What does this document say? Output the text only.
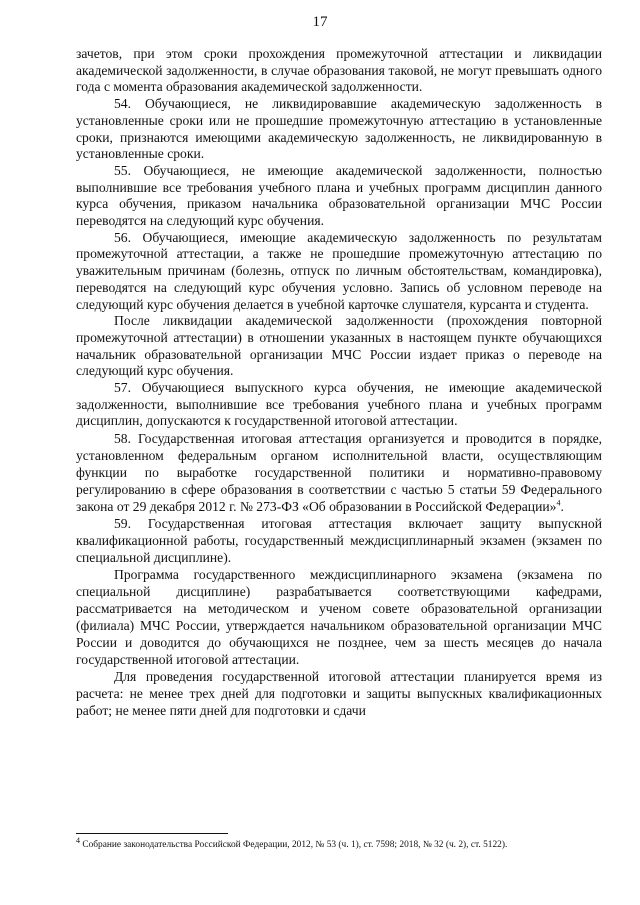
17

зачетов, при этом сроки прохождения промежуточной аттестации и ликвидации академической задолженности, в случае образования таковой, не могут превышать одного года с момента образования академической задолженности.

54. Обучающиеся, не ликвидировавшие академическую задолженность в установленные сроки или не прошедшие промежуточную аттестацию в установленные сроки, признаются имеющими академическую задолженность, не ликвидированную в установленные сроки.

55. Обучающиеся, не имеющие академической задолженности, полностью выполнившие все требования учебного плана и учебных программ дисциплин данного курса обучения, приказом начальника образовательной организации МЧС России переводятся на следующий курс обучения.

56. Обучающиеся, имеющие академическую задолженность по результатам промежуточной аттестации, а также не прошедшие промежуточную аттестацию по уважительным причинам (болезнь, отпуск по личным обстоятельствам, командировка), переводятся на следующий курс обучения условно. Запись об условном переводе на следующий курс обучения делается в учебной карточке слушателя, курсанта и студента.

После ликвидации академической задолженности (прохождения повторной промежуточной аттестации) в отношении указанных в настоящем пункте обучающихся начальник образовательной организации МЧС России издает приказ о переводе на следующий курс обучения.

57. Обучающиеся выпускного курса обучения, не имеющие академической задолженности, выполнившие все требования учебного плана и учебных программ дисциплин, допускаются к государственной итоговой аттестации.

58. Государственная итоговая аттестация организуется и проводится в порядке, установленном федеральным органом исполнительной власти, осуществляющим функции по выработке государственной политики и нормативно-правовому регулированию в сфере образования в соответствии с частью 5 статьи 59 Федерального закона от 29 декабря 2012 г. № 273-ФЗ «Об образовании в Российской Федерации»$^4$.

59. Государственная итоговая аттестация включает защиту выпускной квалификационной работы, государственный междисциплинарный экзамен (экзамен по специальной дисциплине).

Программа государственного междисциплинарного экзамена (экзамена по специальной дисциплине) разрабатывается соответствующими кафедрами, рассматривается на методическом и ученом совете образовательной организации (филиала) МЧС России, утверждается начальником образовательной организации МЧС России и доводится до обучающихся не позднее, чем за шесть месяцев до начала государственной итоговой аттестации.

Для проведения государственной итоговой аттестации планируется время из расчета: не менее трех дней для подготовки и защиты выпускных квалификационных работ; не менее пяти дней для подготовки и сдачи

$^4$ Собрание законодательства Российской Федерации, 2012, № 53 (ч. 1), ст. 7598; 2018, № 32 (ч. 2), ст. 5122).
